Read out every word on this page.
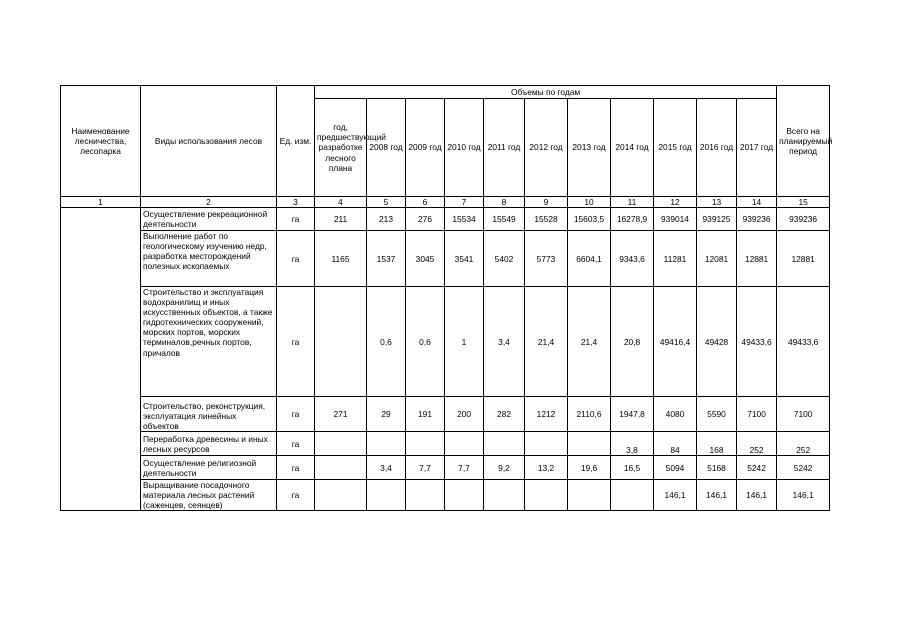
Наименование лесничества, лесопарка	Виды использования лесов	Ед. изм.	Объемы по годам											Всего на планируемый период
			год, предшествующий разработке лесного плана	2008 год	2009 год	2010 год	2011 год	2012 год	2013 год	2014 год	2015 год	2016 год	2017 год	
1	2	3	4	5	6	7	8	9	10	11	12	13	14	15
	Осуществление рекреационной деятельности	га	211	213	276	15534	15549	15528	15603,5	16278,9	939014	939125	939236	939236
	Выполнение работ по геологическому изучению недр, разработка месторождений полезных ископаемых	га	1165	1537	3045	3541	5402	5773	6604,1	9343,6	11281	12081	12881	12881
	Строительство и эксплуатация водохранилищ и иных искусственных объектов, а также гидротехнических сооружений, морских портов, морских терминалов,речных портов, причалов	га		0,6	0,6	1	3,4	21,4	21,4	20,8	49416,4	49428	49433,6	49433,6
	Строительство, реконструкция, эксплуатация линейных объектов	га	271	29	191	200	282	1212	2110,6	1947,8	4080	5590	7100	7100
	Переработка древесины и иных лесных ресурсов	га								3,8	84	168	252	252
	Осуществление религиозной деятельности	га		3,4	7,7	7,7	9,2	13,2	19,6	16,5	5094	5168	5242	5242
	Выращивание посадочного материала лесных растений (саженцев, сеянцев)	га									146,1	146,1	146,1	146,1
